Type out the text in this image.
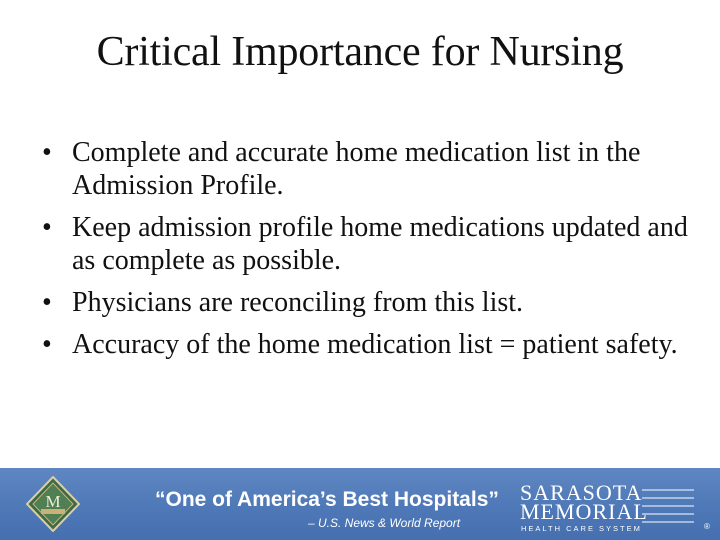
Critical Importance for Nursing
• Complete and accurate home medication list in the Admission Profile.
• Keep admission profile home medications updated and as complete as possible.
• Physicians are reconciling from this list.
• Accuracy of the home medication list = patient safety.
M	“One of America’s Best Hospitals”
– U.S. News & World Report
SARASOTA
MEMORIAL
HEALTH CARE SYSTEM	®
